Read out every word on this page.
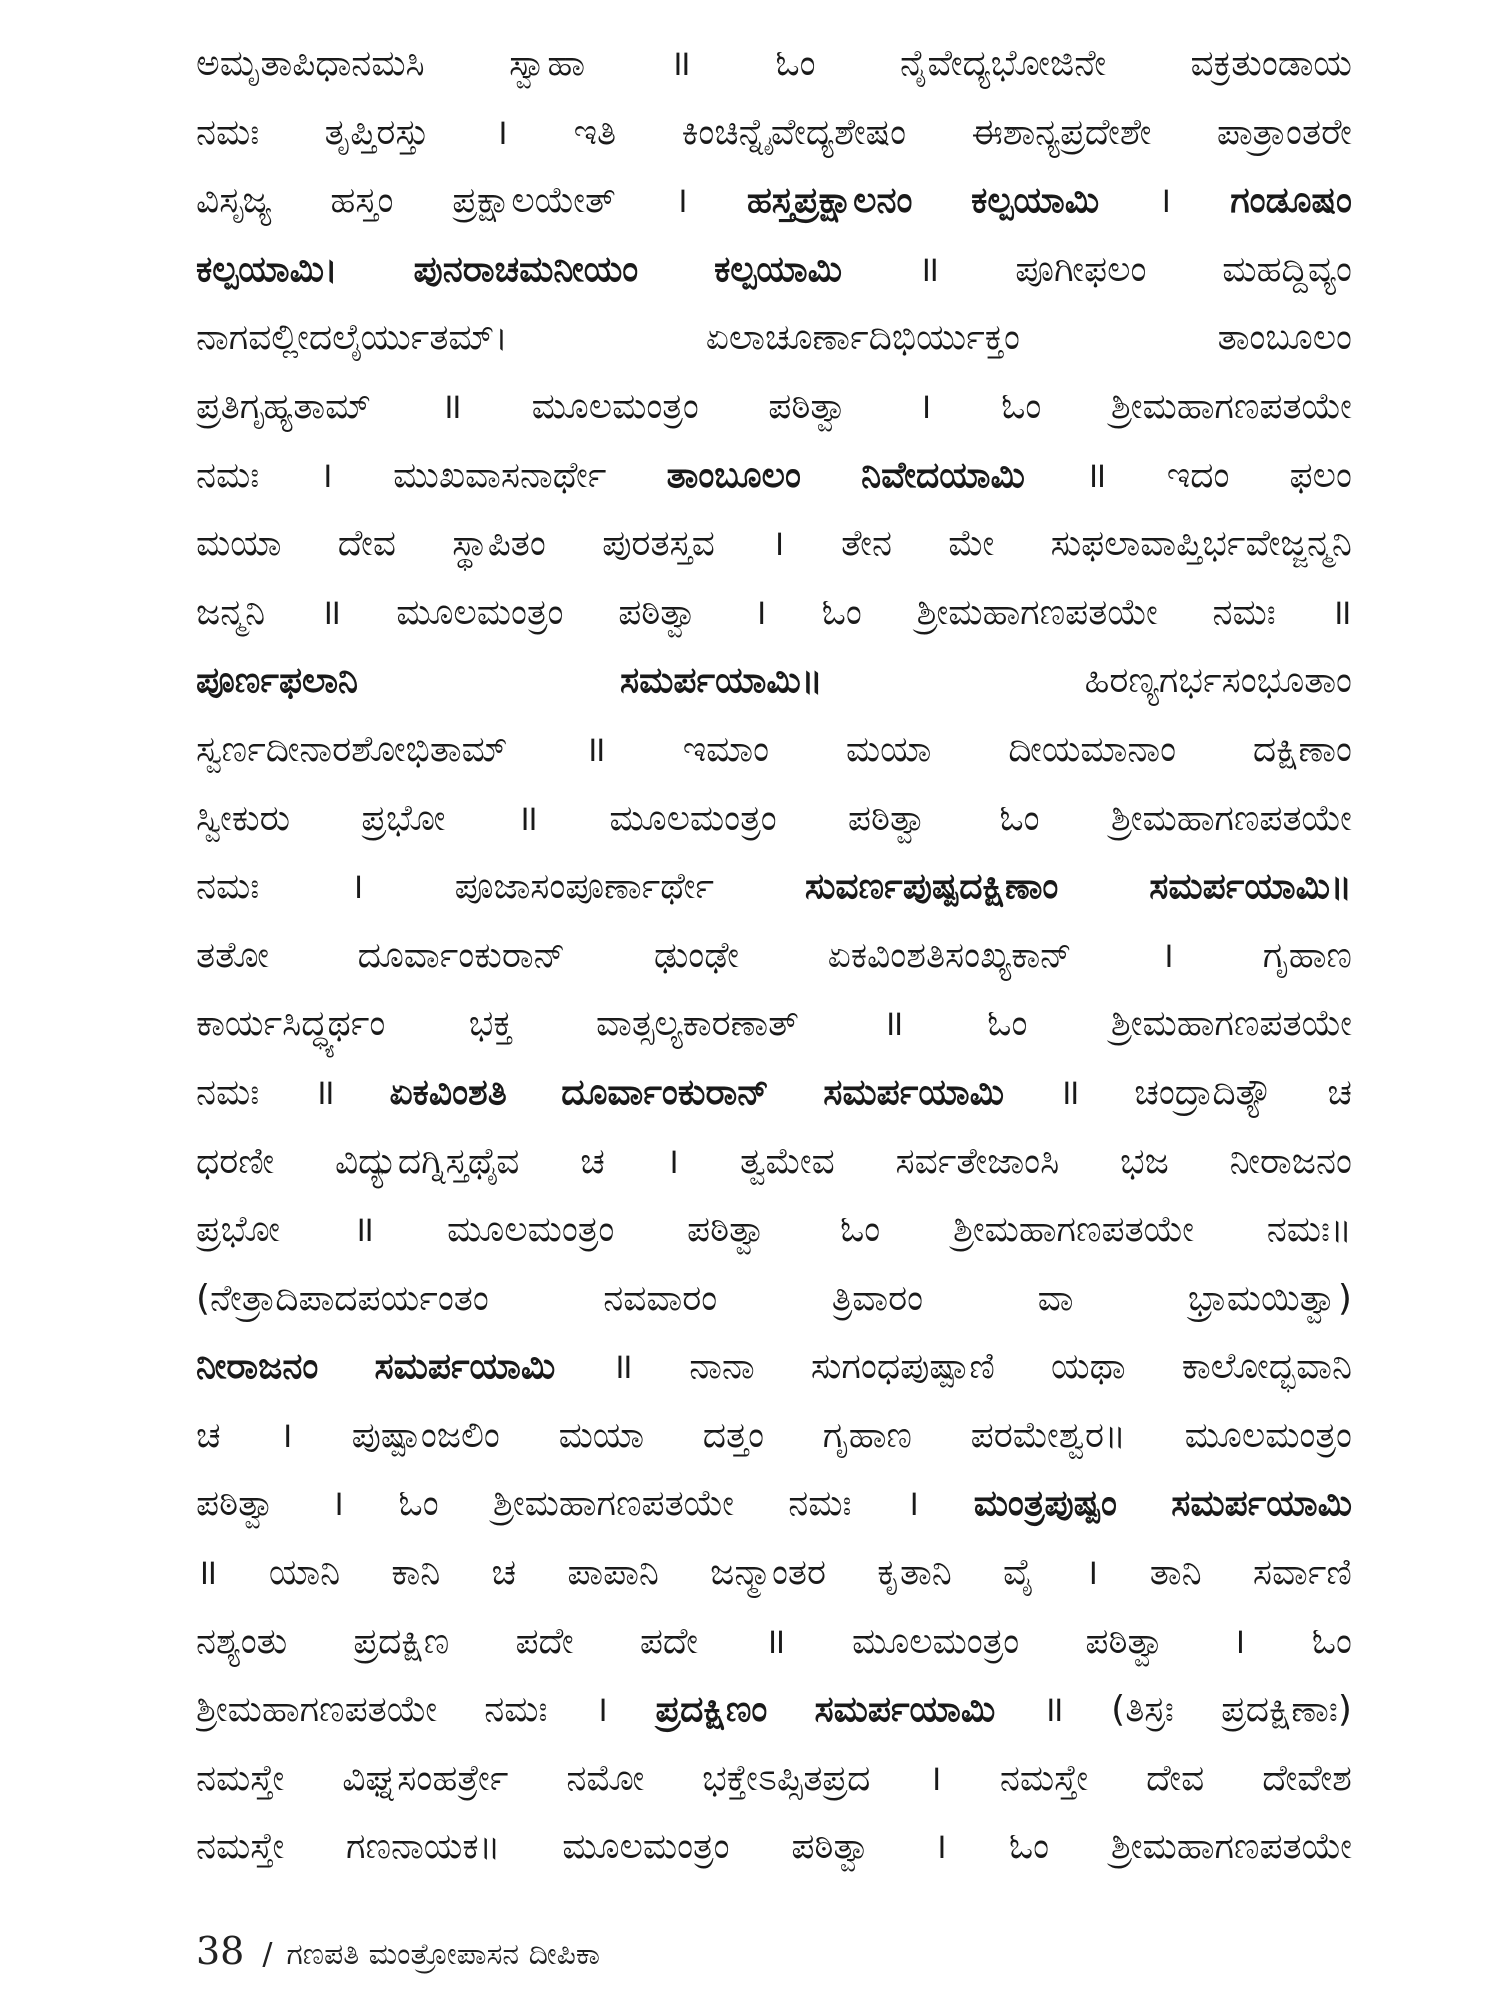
ಅಮೃತಾಪಿಧಾನಮಸಿ ಸ್ವಾಹಾ ॥ ಓಂ ನೈವೇದ್ಯಭೋಜಿನೇ ವಕ್ರತುಂಡಾಯ
ನಮಃ ತೃಪ್ತಿರಸ್ತು । ಇತಿ ಕಿಂಚಿನ್ನೈವೇದ್ಯಶೇಷಂ ಈಶಾನ್ಯಪ್ರದೇಶೇ ಪಾತ್ರಾಂತರೇ
ವಿಸೃಜ್ಯ ಹಸ್ತಂ ಪ್ರಕ್ಷಾಲಯೇತ್ । ಹಸ್ತಪ್ರಕ್ಷಾಲನಂ ಕಲ್ಪಯಾಮಿ । ಗಂಡೂಷಂ
ಕಲ್ಪಯಾಮಿ। ಪುನರಾಚಮನೀಯಂ ಕಲ್ಪಯಾಮಿ ॥ ಪೂಗೀಫಲಂ ಮಹದ್ದಿವ್ಯಂ
ನಾಗವಲ್ಲೀದಲೈರ್ಯುತಮ್।	ಏಲಾಚೂರ್ಣಾದಿಭಿರ್ಯುಕ್ತಂ	ತಾಂಬೂಲಂ
ಪ್ರತಿಗೃಹ್ಯತಾಮ್ ॥ ಮೂಲಮಂತ್ರಂ ಪಠಿತ್ವಾ । ಓಂ ಶ್ರೀಮಹಾಗಣಪತಯೇ
ನಮಃ । ಮುಖವಾಸನಾರ್ಥೇ ತಾಂಬೂಲಂ ನಿವೇದಯಾಮಿ ॥ ಇದಂ ಫಲಂ
ಮಯಾ ದೇವ ಸ್ಥಾಪಿತಂ ಪುರತಸ್ತವ । ತೇನ ಮೇ ಸುಫಲಾವಾಪ್ತಿರ್ಭವೇಜ್ಜನ್ಮನಿ
ಜನ್ಮನಿ ॥ ಮೂಲಮಂತ್ರಂ ಪಠಿತ್ವಾ । ಓಂ ಶ್ರೀಮಹಾಗಣಪತಯೇ ನಮಃ ॥
ಪೂರ್ಣಫಲಾನಿ	ಸಮರ್ಪಯಾಮಿ॥	ಹಿರಣ್ಯಗರ್ಭಸಂಭೂತಾಂ
ಸ್ವರ್ಣದೀನಾರಶೋಭಿತಾಮ್ ॥ ಇಮಾಂ ಮಯಾ ದೀಯಮಾನಾಂ ದಕ್ಷಿಣಾಂ
ಸ್ವೀಕುರು ಪ್ರಭೋ ॥ ಮೂಲಮಂತ್ರಂ ಪಠಿತ್ವಾ ಓಂ ಶ್ರೀಮಹಾಗಣಪತಯೇ
ನಮಃ	।	ಪೂಜಾಸಂಪೂರ್ಣಾರ್ಥೇ	ಸುವರ್ಣಪುಷ್ಪದಕ್ಷಿಣಾಂ	ಸಮರ್ಪಯಾಮಿ॥
ತತೋ ದೂರ್ವಾಂಕುರಾನ್ ಢುಂಢೇ ಏಕವಿಂಶತಿಸಂಖ್ಯಕಾನ್ । ಗೃಹಾಣ
ಕಾರ್ಯಸಿದ್ಧ್ಯರ್ಥಂ ಭಕ್ತ ವಾತ್ಸಲ್ಯಕಾರಣಾತ್ ॥ ಓಂ ಶ್ರೀಮಹಾಗಣಪತಯೇ
ನಮಃ ॥ ಏಕವಿಂಶತಿ ದೂರ್ವಾಂಕುರಾನ್ ಸಮರ್ಪಯಾಮಿ ॥ ಚಂದ್ರಾದಿತ್ಯೌ ಚ
ಧರಣೀ ವಿದ್ಯುದಗ್ನಿಸ್ತಥೈವ ಚ । ತ್ವಮೇವ ಸರ್ವತೇಜಾಂಸಿ ಭಜ ನೀರಾಜನಂ
ಪ್ರಭೋ ॥ ಮೂಲಮಂತ್ರಂ ಪಠಿತ್ವಾ ಓಂ ಶ್ರೀಮಹಾಗಣಪತಯೇ ನಮಃ॥
(ನೇತ್ರಾದಿಪಾದಪರ್ಯಂತಂ	ನವವಾರಂ	ತ್ರಿವಾರಂ	ವಾ	ಭ್ರಾಮಯಿತ್ವಾ)
ನೀರಾಜನಂ ಸಮರ್ಪಯಾಮಿ ॥ ನಾನಾ ಸುಗಂಧಪುಷ್ಪಾಣಿ ಯಥಾ ಕಾಲೋದ್ಭವಾನಿ
ಚ । ಪುಷ್ಪಾಂಜಲಿಂ ಮಯಾ ದತ್ತಂ ಗೃಹಾಣ ಪರಮೇಶ್ವರ॥ ಮೂಲಮಂತ್ರಂ
ಪಠಿತ್ವಾ । ಓಂ ಶ್ರೀಮಹಾಗಣಪತಯೇ ನಮಃ । ಮಂತ್ರಪುಷ್ಪಂ ಸಮರ್ಪಯಾಮಿ
॥ ಯಾನಿ ಕಾನಿ ಚ ಪಾಪಾನಿ ಜನ್ಮಾಂತರ ಕೃತಾನಿ ವೈ । ತಾನಿ ಸರ್ವಾಣಿ
ನಶ್ಯಂತು ಪ್ರದಕ್ಷಿಣ ಪದೇ ಪದೇ ॥ ಮೂಲಮಂತ್ರಂ ಪಠಿತ್ವಾ । ಓಂ
ಶ್ರೀಮಹಾಗಣಪತಯೇ ನಮಃ । ಪ್ರದಕ್ಷಿಣಂ ಸಮರ್ಪಯಾಮಿ ॥ (ತಿಸ್ರಃ ಪ್ರದಕ್ಷಿಣಾಃ)
ನಮಸ್ತೇ ವಿಘ್ನಸಂಹರ್ತ್ರೇ ನಮೋ ಭಕ್ತೇಽಪ್ಸಿತಪ್ರದ । ನಮಸ್ತೇ ದೇವ ದೇವೇಶ
ನಮಸ್ತೇ ಗಣನಾಯಕ॥ ಮೂಲಮಂತ್ರಂ ಪಠಿತ್ವಾ । ಓಂ ಶ್ರೀಮಹಾಗಣಪತಯೇ
38 / ಗಣಪತಿ ಮಂತ್ರೋಪಾಸನ ದೀಪಿಕಾ
